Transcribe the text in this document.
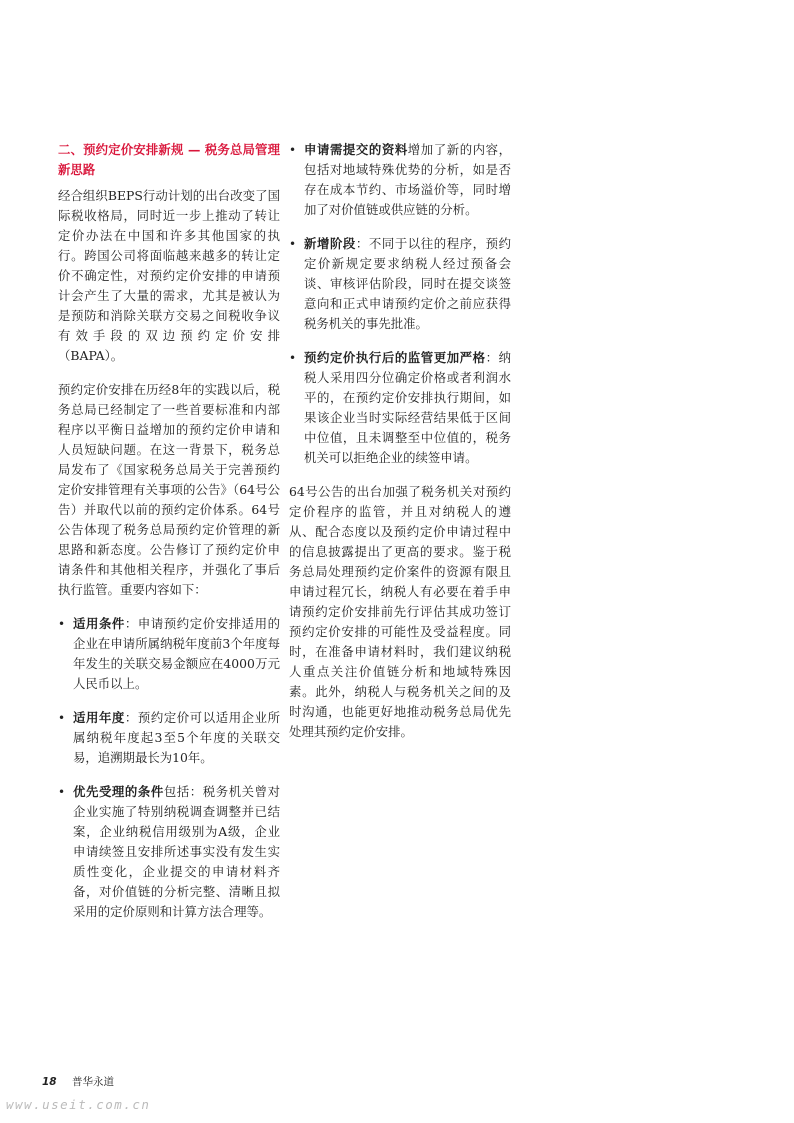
二、预约定价安排新规 — 税务总局管理新思路

经合组织BEPS行动计划的出台改变了国际税收格局，同时近一步上推动了转让定价办法在中国和许多其他国家的执行。跨国公司将面临越来越多的转让定价不确定性，对预约定价安排的申请预计会产生了大量的需求，尤其是被认为是预防和消除关联方交易之间税收争议有效手段的双边预约定价安排（BAPA）。

预约定价安排在历经8年的实践以后，税务总局已经制定了一些首要标准和内部程序以平衡日益增加的预约定价申请和人员短缺问题。在这一背景下，税务总局发布了《国家税务总局关于完善预约定价安排管理有关事项的公告》（64号公告）并取代以前的预约定价体系。64号公告体现了税务总局预约定价管理的新思路和新态度。公告修订了预约定价申请条件和其他相关程序，并强化了事后执行监管。重要内容如下：

• 适用条件：申请预约定价安排适用的企业在申请所属纳税年度前3个年度每年发生的关联交易金额应在4000万元人民币以上。
• 适用年度：预约定价可以适用企业所属纳税年度起3至5个年度的关联交易，追溯期最长为10年。
• 优先受理的条件包括：税务机关曾对企业实施了特别纳税调查调整并已结案，企业纳税信用级别为A级，企业申请续签且安排所述事实没有发生实质性变化，企业提交的申请材料齐备，对价值链的分析完整、清晰且拟采用的定价原则和计算方法合理等。
• 申请需提交的资料增加了新的内容，包括对地域特殊优势的分析，如是否存在成本节约、市场溢价等，同时增加了对价值链或供应链的分析。
• 新增阶段：不同于以往的程序，预约定价新规定要求纳税人经过预备会谈、审核评估阶段，同时在提交谈签意向和正式申请预约定价之前应获得税务机关的事先批准。
• 预约定价执行后的监管更加严格：纳税人采用四分位确定价格或者利润水平的，在预约定价安排执行期间，如果该企业当时实际经营结果低于区间中位值，且未调整至中位值的，税务机关可以拒绝企业的续签申请。

64号公告的出台加强了税务机关对预约定价程序的监管，并且对纳税人的遵从、配合态度以及预约定价申请过程中的信息披露提出了更高的要求。鉴于税务总局处理预约定价案件的资源有限且申请过程冗长，纳税人有必要在着手申请预约定价安排前先行评估其成功签订预约定价安排的可能性及受益程度。同时，在准备申请材料时，我们建议纳税人重点关注价值链分析和地域特殊因素。此外，纳税人与税务机关之间的及时沟通，也能更好地推动税务总局优先处理其预约定价安排。

18 普华永道
www.useit.com.cn
